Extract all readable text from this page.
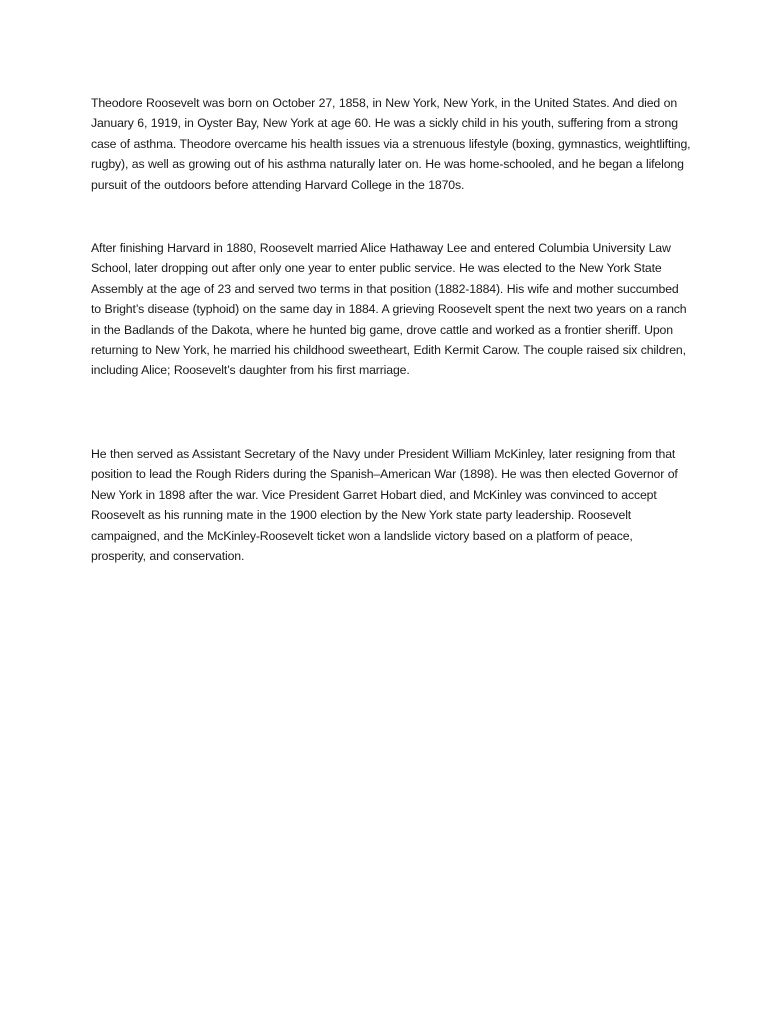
Theodore Roosevelt was born on October 27, 1858, in New York, New York, in the United States. And died on January 6, 1919, in Oyster Bay, New York at age 60. He was a sickly child in his youth, suffering from a strong case of asthma. Theodore overcame his health issues via a strenuous lifestyle (boxing, gymnastics, weightlifting, rugby), as well as growing out of his asthma naturally later on. He was home-schooled, and he began a lifelong pursuit of the outdoors before attending Harvard College in the 1870s.

After finishing Harvard in 1880, Roosevelt married Alice Hathaway Lee and entered Columbia University Law School, later dropping out after only one year to enter public service. He was elected to the New York State Assembly at the age of 23 and served two terms in that position (1882-1884). His wife and mother succumbed to Bright’s disease (typhoid) on the same day in 1884. A grieving Roosevelt spent the next two years on a ranch in the Badlands of the Dakota, where he hunted big game, drove cattle and worked as a frontier sheriff. Upon returning to New York, he married his childhood sweetheart, Edith Kermit Carow. The couple raised six children, including Alice; Roosevelt’s daughter from his first marriage.

He then served as Assistant Secretary of the Navy under President William McKinley, later resigning from that position to lead the Rough Riders during the Spanish–American War (1898). He was then elected Governor of New York in 1898 after the war. Vice President Garret Hobart died, and McKinley was convinced to accept Roosevelt as his running mate in the 1900 election by the New York state party leadership. Roosevelt campaigned, and the McKinley-Roosevelt ticket won a landslide victory based on a platform of peace, prosperity, and conservation.
